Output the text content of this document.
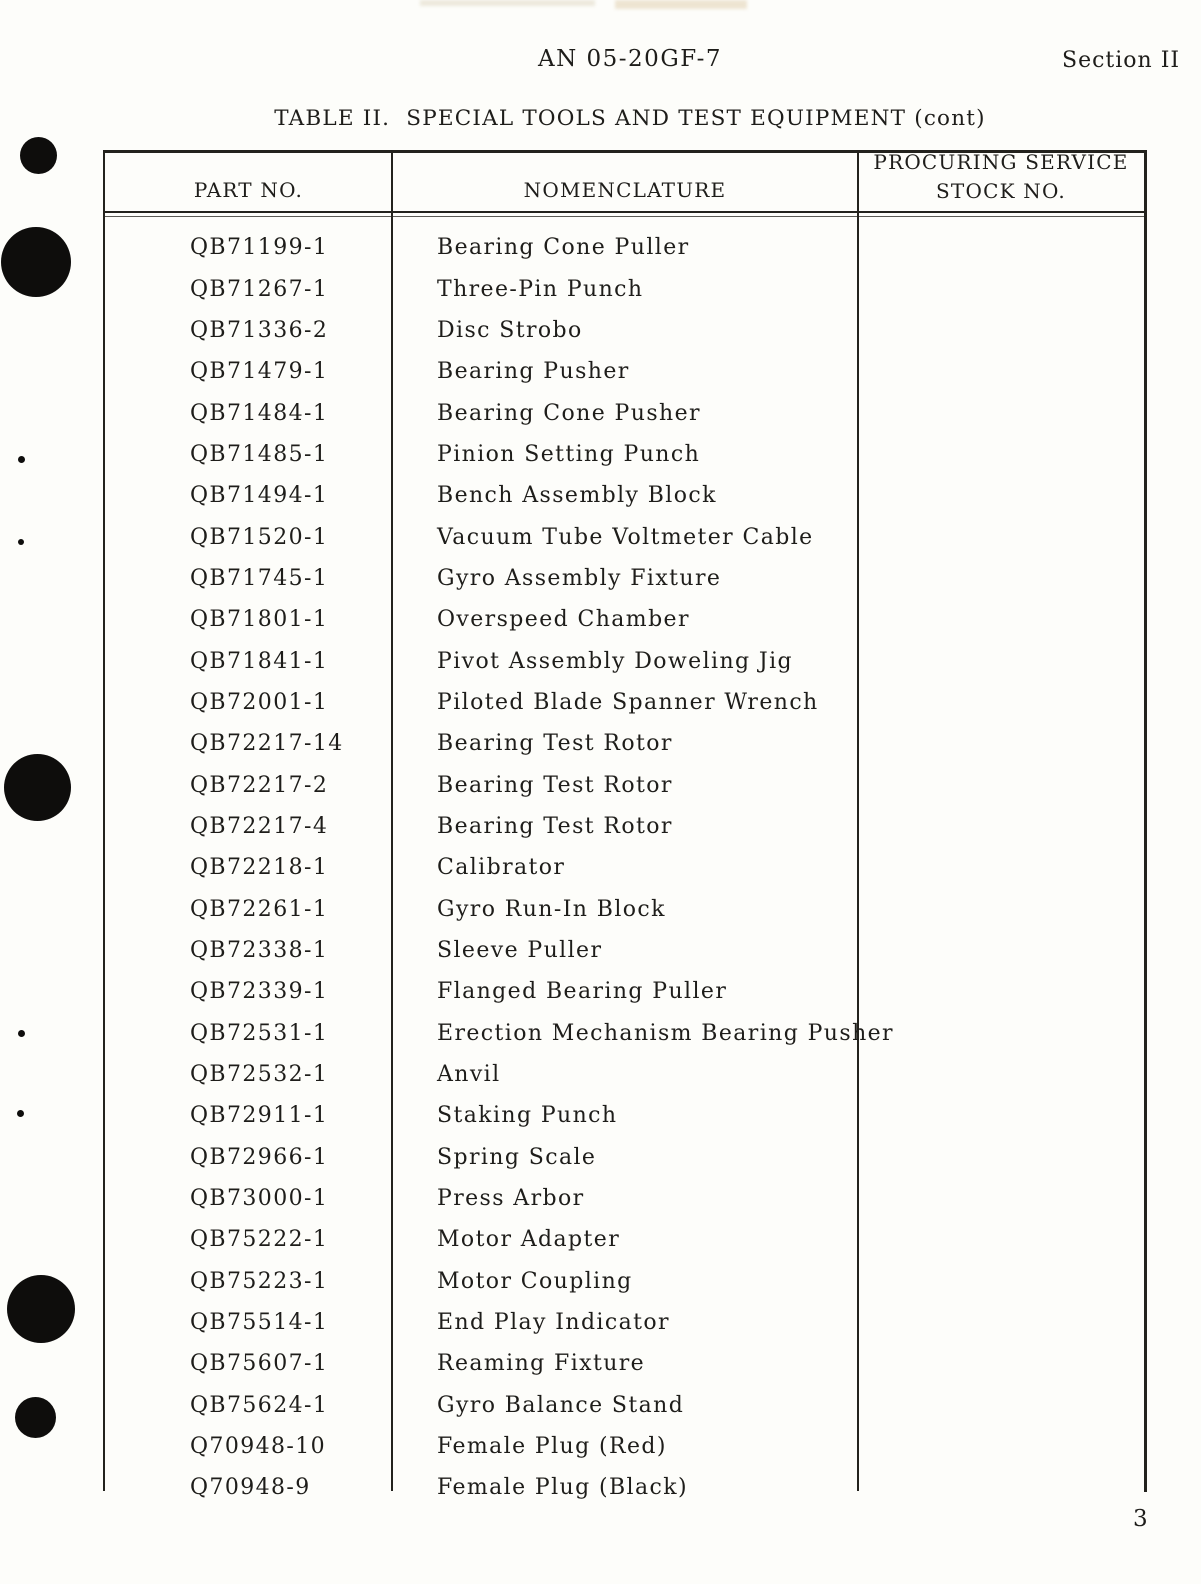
AN 05-20GF-7	Section II
TABLE II.  SPECIAL TOOLS AND TEST EQUIPMENT (cont)
PART NO.	NOMENCLATURE
PROCURING SERVICE
STOCK NO.
QB71199-1	Bearing Cone Puller
QB71267-1	Three-Pin Punch
QB71336-2	Disc Strobo
QB71479-1	Bearing Pusher
QB71484-1	Bearing Cone Pusher
QB71485-1	Pinion Setting Punch
QB71494-1	Bench Assembly Block
QB71520-1	Vacuum Tube Voltmeter Cable
QB71745-1	Gyro Assembly Fixture
QB71801-1	Overspeed Chamber
QB71841-1	Pivot Assembly Doweling Jig
QB72001-1	Piloted Blade Spanner Wrench
QB72217-14	Bearing Test Rotor
QB72217-2	Bearing Test Rotor
QB72217-4	Bearing Test Rotor
QB72218-1	Calibrator
QB72261-1	Gyro Run-In Block
QB72338-1	Sleeve Puller
QB72339-1	Flanged Bearing Puller
QB72531-1	Erection Mechanism Bearing Pusher
QB72532-1	Anvil
QB72911-1	Staking Punch
QB72966-1	Spring Scale
QB73000-1	Press Arbor
QB75222-1	Motor Adapter
QB75223-1	Motor Coupling
QB75514-1	End Play Indicator
QB75607-1	Reaming Fixture
QB75624-1	Gyro Balance Stand
Q70948-10	Female Plug (Red)
Q70948-9	Female Plug (Black)
3
